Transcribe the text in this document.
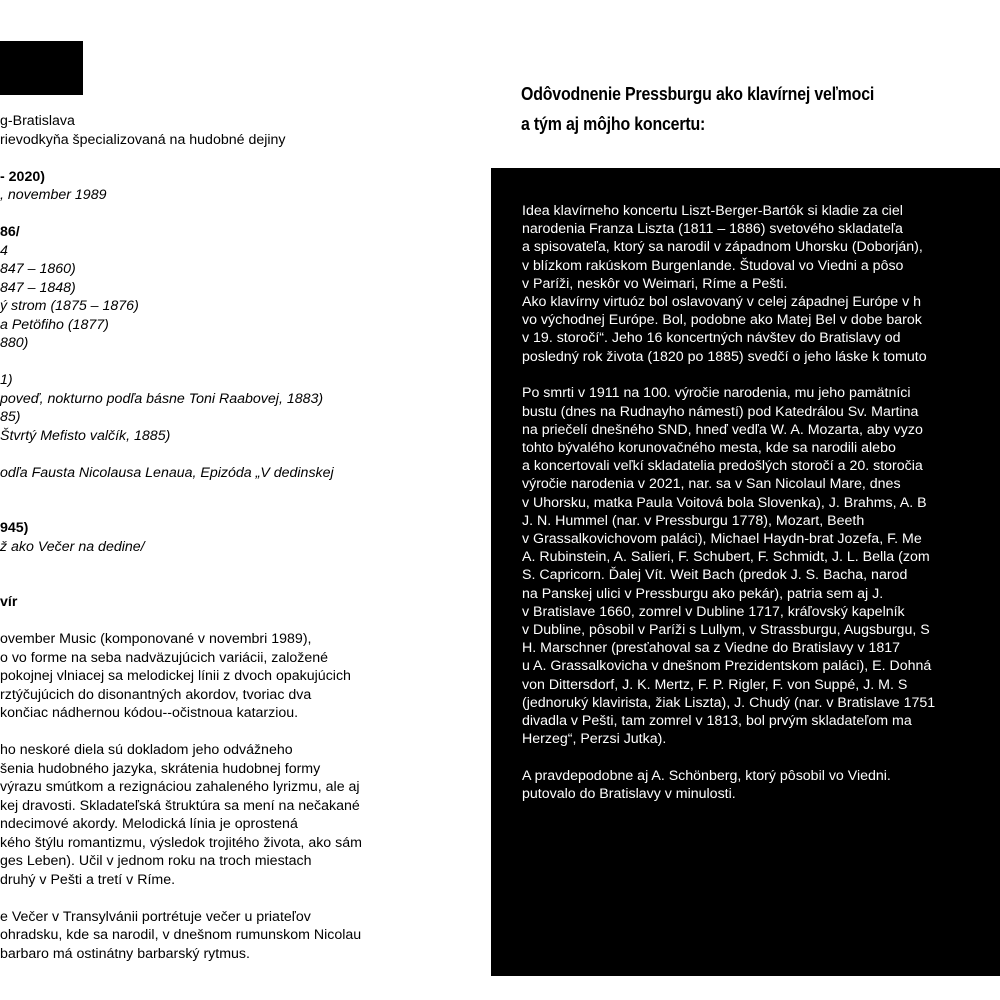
g-Bratislava

rievodkyňa špecializovaná na hudobné dejiny

- 2020)

, november 1989

86/

4

847 – 1860)

847 – 1848)

ý strom (1875 – 1876)

a Petöfiho (1877)

880)

1)

poveď, nokturno podľa básne Toni Raabovej, 1883)

85)

Štvrtý Mefisto valčík, 1885)

odľa Fausta Nicolausa Lenaua, Epizóda „V dedinskej

945)

ž ako Večer na dedine/

vír

ovember Music (komponované v novembri 1989),

o vo forme na seba nadväzujúcich variácii, založené

pokojnej vlniacej sa melodickej línii z dvoch opakujúcich

rztýčujúcich do disonantných akordov, tvoriac dva

končiac nádhernou kódou--očistnoua katarziou.

ho neskoré diela sú dokladom jeho odvážneho

šenia hudobného jazyka, skrátenia hudobnej formy

výrazu smútkom a rezignáciou zahaleného lyrizmu, ale aj

kej dravosti. Skladateľská štruktúra sa mení na nečakané

ndecimové akordy. Melodická línia je oprostená

kého štýlu romantizmu, výsledok trojitého života, ako sám

ges Leben). Učil v jednom roku na troch miestach

druhý v Pešti a tretí v Ríme.

e Večer v Transylvánii portrétuje večer u priateľov

ohradsku, kde sa narodil, v dnešnom rumunskom Nicolau

barbaro má ostinátny barbarský rytmus.

Odôvodnenie Pressburgu ako klavírnej veľmoci
a tým aj môjho koncertu:

Idea klavírneho koncertu Liszt-Berger-Bartók si kladie za ciel

narodenia Franza Liszta (1811 – 1886) svetového skladateľa

a spisovateľa, ktorý sa narodil v západnom Uhorsku (Doborján),

v blízkom rakúskom Burgenlande. Študoval vo Viedni a pôso

v Paríži, neskôr vo Weimari, Ríme a Pešti.

Ako klavírny virtuóz bol oslavovaný v celej západnej Európe v h

vo východnej Európe. Bol, podobne ako Matej Bel v dobe barok

v 19. storočí“. Jeho 16 koncertných návštev do Bratislavy od

posledný rok života (1820 po 1885) svedčí o jeho láske k tomuto

Po smrti v 1911 na 100. výročie narodenia, mu jeho pamätníci

bustu (dnes na Rudnayho námestí) pod Katedrálou Sv. Martina

na priečelí dnešného SND, hneď vedľa W. A. Mozarta, aby vyzo

tohto bývalého korunovačného mesta, kde sa narodili alebo

a koncertovali veľkí skladatelia predošlých storočí a 20. storočia

výročie narodenia v 2021, nar. sa v San Nicolaul Mare, dnes

v Uhorsku, matka Paula Voitová bola Slovenka), J. Brahms, A. B

J. N. Hummel (nar. v Pressburgu 1778), Mozart, Beeth

v Grassalkovichovom paláci), Michael Haydn-brat Jozefa, F. Me

A. Rubinstein, A. Salieri, F. Schubert, F. Schmidt, J. L. Bella (zom

S. Capricorn. Ďalej Vít. Weit Bach (predok J. S. Bacha, narod

na Panskej ulici v Pressburgu ako pekár), patria sem aj J.

v Bratislave 1660, zomrel v Dubline 1717, kráľovský kapelník

v Dubline, pôsobil v Paríži s Lullym, v Strassburgu, Augsburgu, S

H. Marschner (presťahoval sa z Viedne do Bratislavy v 1817

u A. Grassalkovicha v dnešnom Prezidentskom paláci), E. Dohná

von Dittersdorf, J. K. Mertz, F. P. Rigler, F. von Suppé, J. M. S

(jednoruký klavirista, žiak Liszta), J. Chudý (nar. v Bratislave 1751

divadla v Pešti, tam zomrel v 1813, bol prvým skladateľom ma

Herzeg“, Perzsi Jutka).

A pravdepodobne aj A. Schönberg, ktorý pôsobil vo Viedni.

putovalo do Bratislavy v minulosti.
